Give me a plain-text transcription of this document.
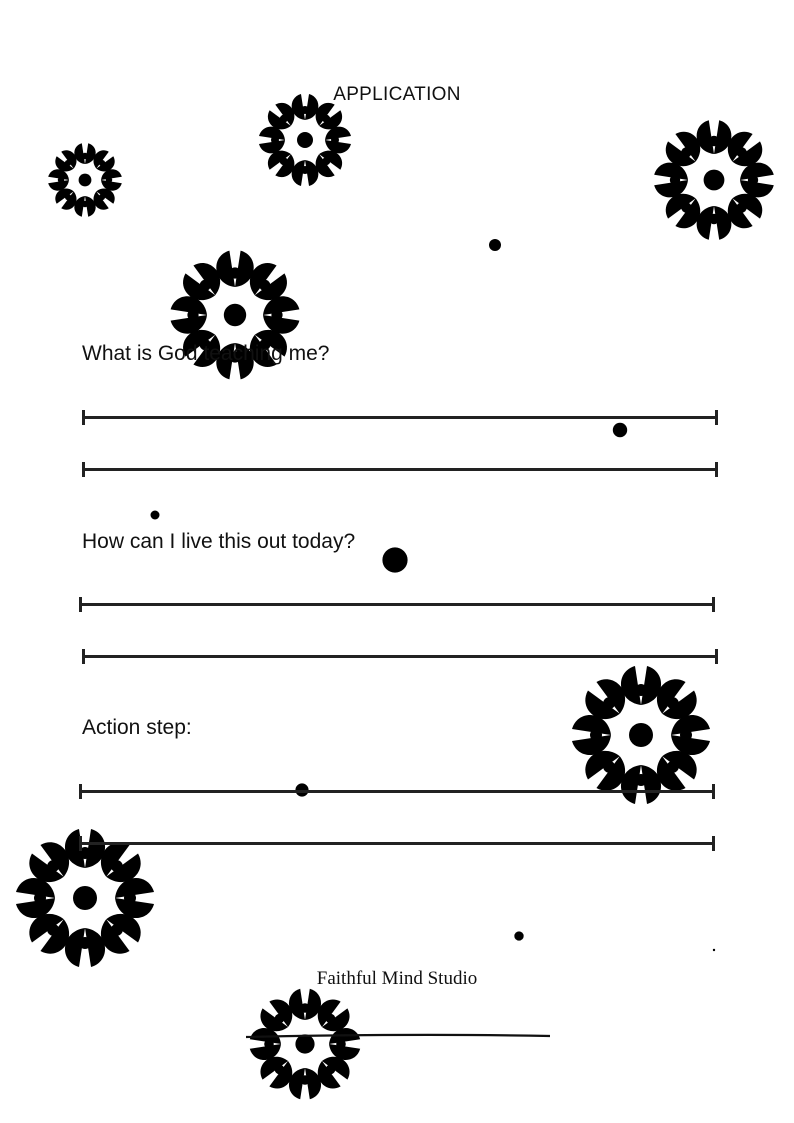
APPLICATION
What is God teaching me?
How can I live this out today?
Action step:
Faithful Mind Studio
